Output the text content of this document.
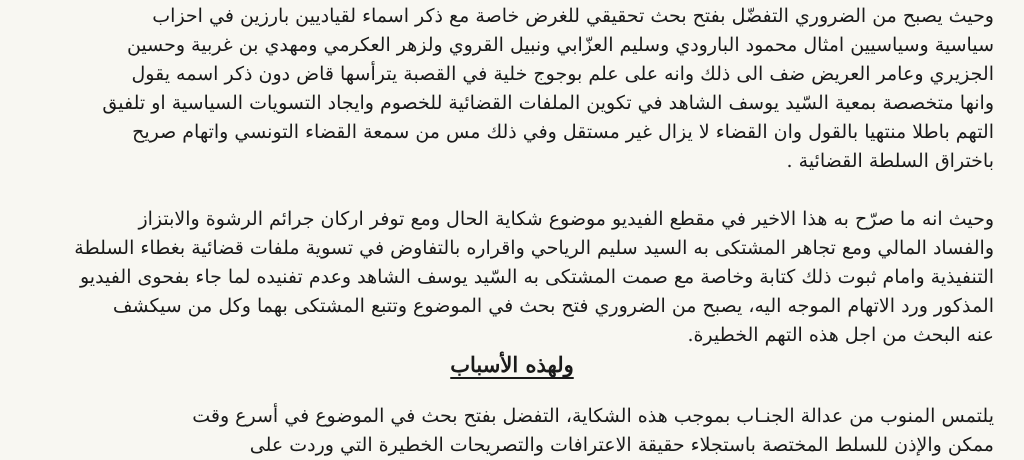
وحيث يصبح من الضروري التفضّل بفتح بحث تحقيقي للغرض خاصة مع ذكر اسماء لقياديين بارزين في احزاب
سياسية وسياسيين امثال محمود البارودي وسليم العزّابي ونبيل القروي ولزهر العكرمي ومهدي بن غربية وحسين
الجزيري وعامر العريض ضف الى ذلك وانه على علم بوجوج خلية في القصبة يترأسها قاض دون ذكر اسمه يقول
وانها متخصصة بمعية السّيد يوسف الشاهد في تكوين الملفات القضائية للخصوم وايجاد التسويات السياسية او تلفيق
التهم باطلا منتهيا بالقول وان القضاء لا يزال غير مستقل وفي ذلك مس من سمعة القضاء التونسي واتهام صريح
باختراق السلطة القضائية .

وحيث انه ما صرّح به هذا الاخير في مقطع الفيديو موضوع شكاية الحال ومع توفر اركان جرائم الرشوة والابتزاز
والفساد المالي ومع تجاهر المشتكى به السيد سليم الرياحي واقراره بالتفاوض في تسوية ملفات قضائية بغطاء السلطة
التنفيذية وامام ثبوت ذلك كتابة وخاصة مع صمت المشتكى به السّيد يوسف الشاهد وعدم تفنيده لما جاء بفحوى الفيديو
المذكور ورد الاتهام الموجه اليه، يصبح من الضروري فتح بحث في الموضوع وتتبع المشتكى بهما وكل من سيكشف
عنه البحث من اجل هذه التهم الخطيرة.

ولهذه الأسباب

يلتمس المنوب من عدالة الجنـاب بموجب هذه الشكاية، التفضل بفتح بحث في الموضوع في أسرع وقت
ممكن والإذن للسلط المختصة باستجلاء حقيقة الاعترافات والتصريحات الخطيرة التي وردت على
